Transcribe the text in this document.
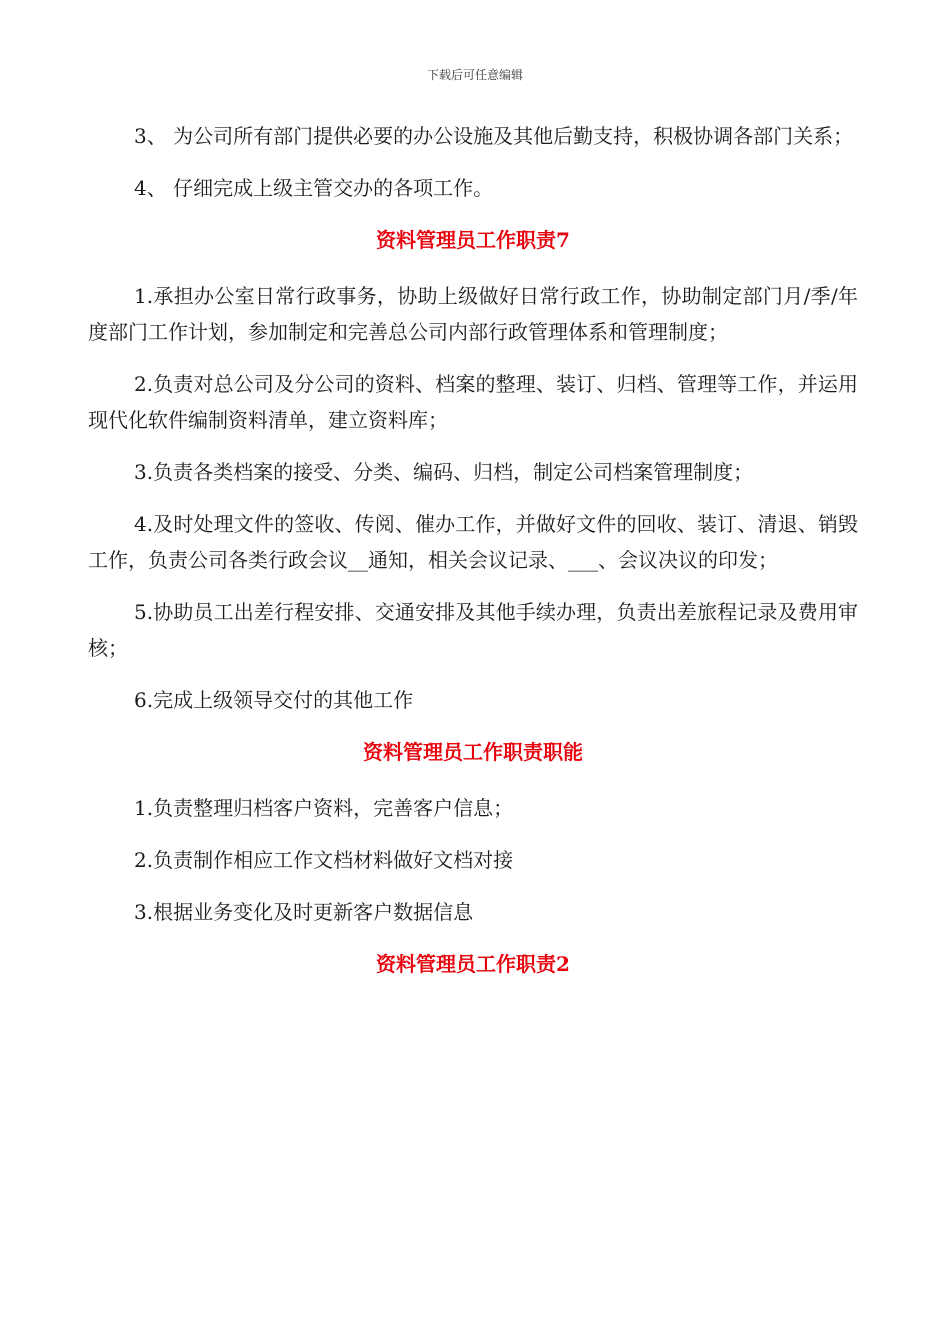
下载后可任意编辑

3、 为公司所有部门提供必要的办公设施及其他后勤支持，积极协调各部门关系；

4、 仔细完成上级主管交办的各项工作。

资料管理员工作职责7

1.承担办公室日常行政事务，协助上级做好日常行政工作，协助制定部门月/季/年度部门工作计划，参加制定和完善总公司内部行政管理体系和管理制度；

2.负责对总公司及分公司的资料、档案的整理、装订、归档、管理等工作，并运用现代化软件编制资料清单，建立资料库；

3.负责各类档案的接受、分类、编码、归档，制定公司档案管理制度；

4.及时处理文件的签收、传阅、催办工作，并做好文件的回收、装订、清退、销毁工作，负责公司各类行政会议__通知，相关会议记录、___、会议决议的印发；

5.协助员工出差行程安排、交通安排及其他手续办理，负责出差旅程记录及费用审核；

6.完成上级领导交付的其他工作

资料管理员工作职责职能

1.负责整理归档客户资料，完善客户信息；

2.负责制作相应工作文档材料做好文档对接

3.根据业务变化及时更新客户数据信息

资料管理员工作职责2
